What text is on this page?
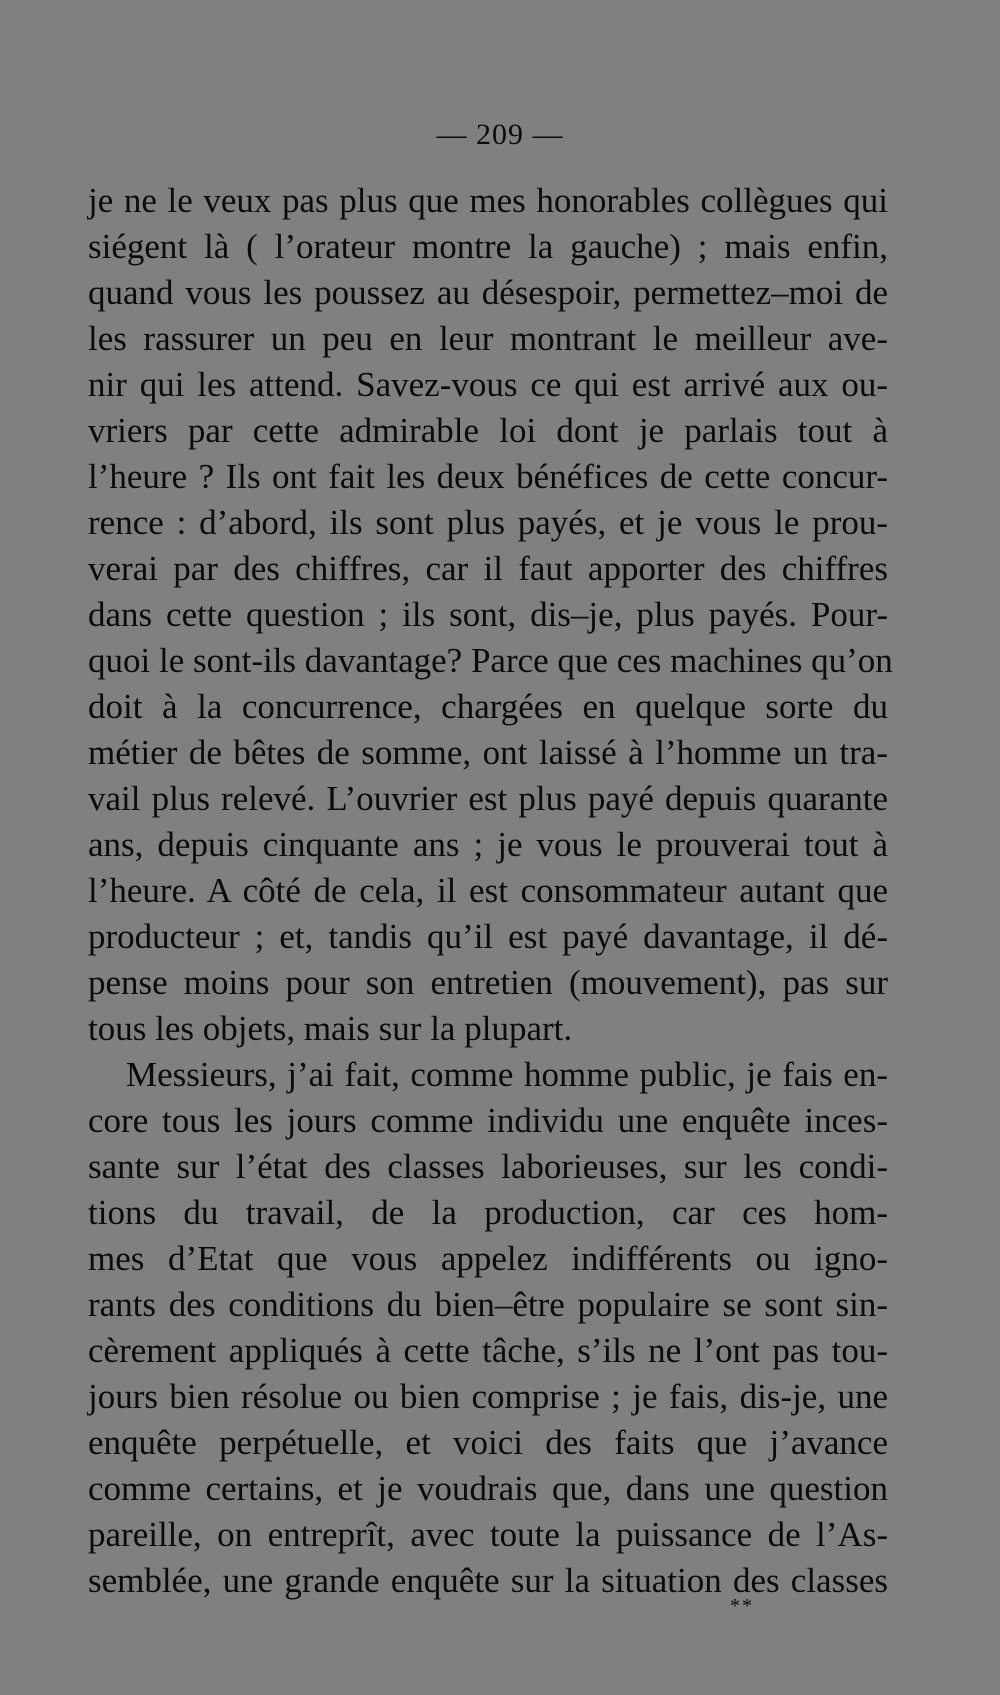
— 209 —
je ne le veux pas plus que mes honorables collègues qui
siégent là ( l’orateur montre la gauche) ; mais enfin,
quand vous les poussez au désespoir, permettez–moi de
les rassurer un peu en leur montrant le meilleur ave-
nir qui les attend. Savez-vous ce qui est arrivé aux ou-
vriers par cette admirable loi dont je parlais tout à
l’heure ? Ils ont fait les deux bénéfices de cette concur-
rence : d’abord, ils sont plus payés, et je vous le prou-
verai par des chiffres, car il faut apporter des chiffres
dans cette question ; ils sont, dis–je, plus payés. Pour-
quoi le sont-ils davantage? Parce que ces machines qu’on
doit à la concurrence, chargées en quelque sorte du
métier de bêtes de somme, ont laissé à l’homme un tra-
vail plus relevé. L’ouvrier est plus payé depuis quarante
ans, depuis cinquante ans ; je vous le prouverai tout à
l’heure. A côté de cela, il est consommateur autant que
producteur ; et, tandis qu’il est payé davantage, il dé-
pense moins pour son entretien (mouvement), pas sur
tous les objets, mais sur la plupart.
Messieurs, j’ai fait, comme homme public, je fais en-
core tous les jours comme individu une enquête inces-
sante sur l’état des classes laborieuses, sur les condi-
tions du travail, de la production, car ces hom-
mes d’Etat que vous appelez indifférents ou igno-
rants des conditions du bien–être populaire se sont sin-
cèrement appliqués à cette tâche, s’ils ne l’ont pas tou-
jours bien résolue ou bien comprise ; je fais, dis-je, une
enquête perpétuelle, et voici des faits que j’avance
comme certains, et je voudrais que, dans une question
pareille, on entreprît, avec toute la puissance de l’As-
semblée, une grande enquête sur la situation des classes
**
